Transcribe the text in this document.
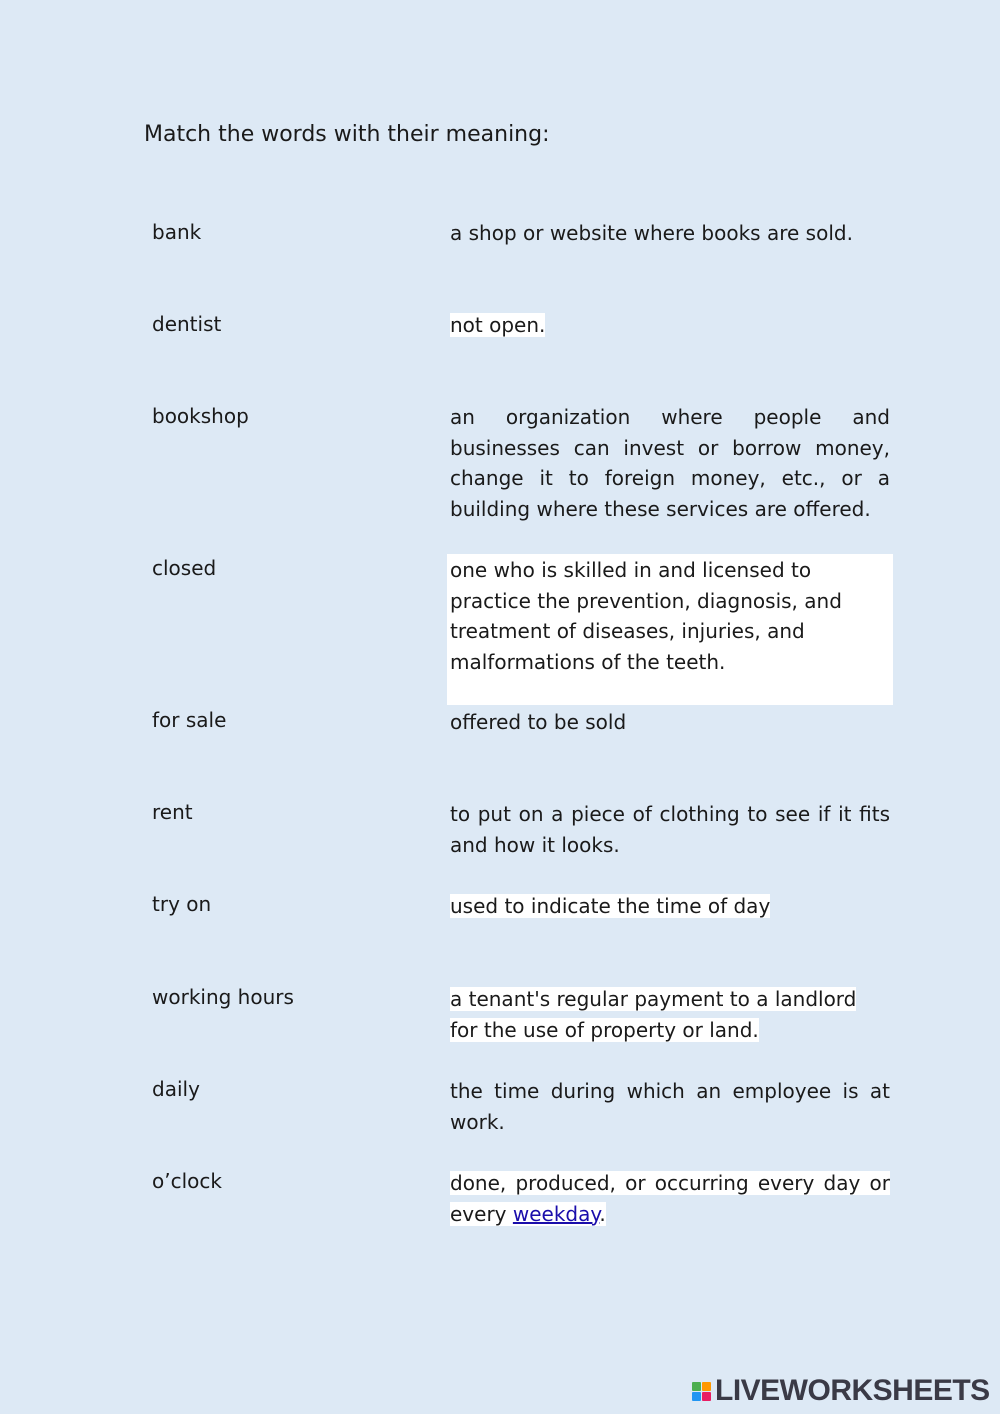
Match the words with their meaning:
bank
dentist
bookshop
closed
for sale
rent
try on
working hours
daily
o’clock
a shop or website where books are sold.
not open.
an organization where people and businesses can invest or borrow money, change it to foreign money, etc., or a building where these services are offered.
one who is skilled in and licensed to practice the prevention, diagnosis, and treatment of diseases, injuries, and malformations of the teeth.
offered to be sold
to put on a piece of clothing to see if it fits and how it looks.
used to indicate the time of day
a tenant's regular payment to a landlord for the use of property or land.
the time during which an employee is at work.
done, produced, or occurring every day or every weekday.
LIVEWORKSHEETS
